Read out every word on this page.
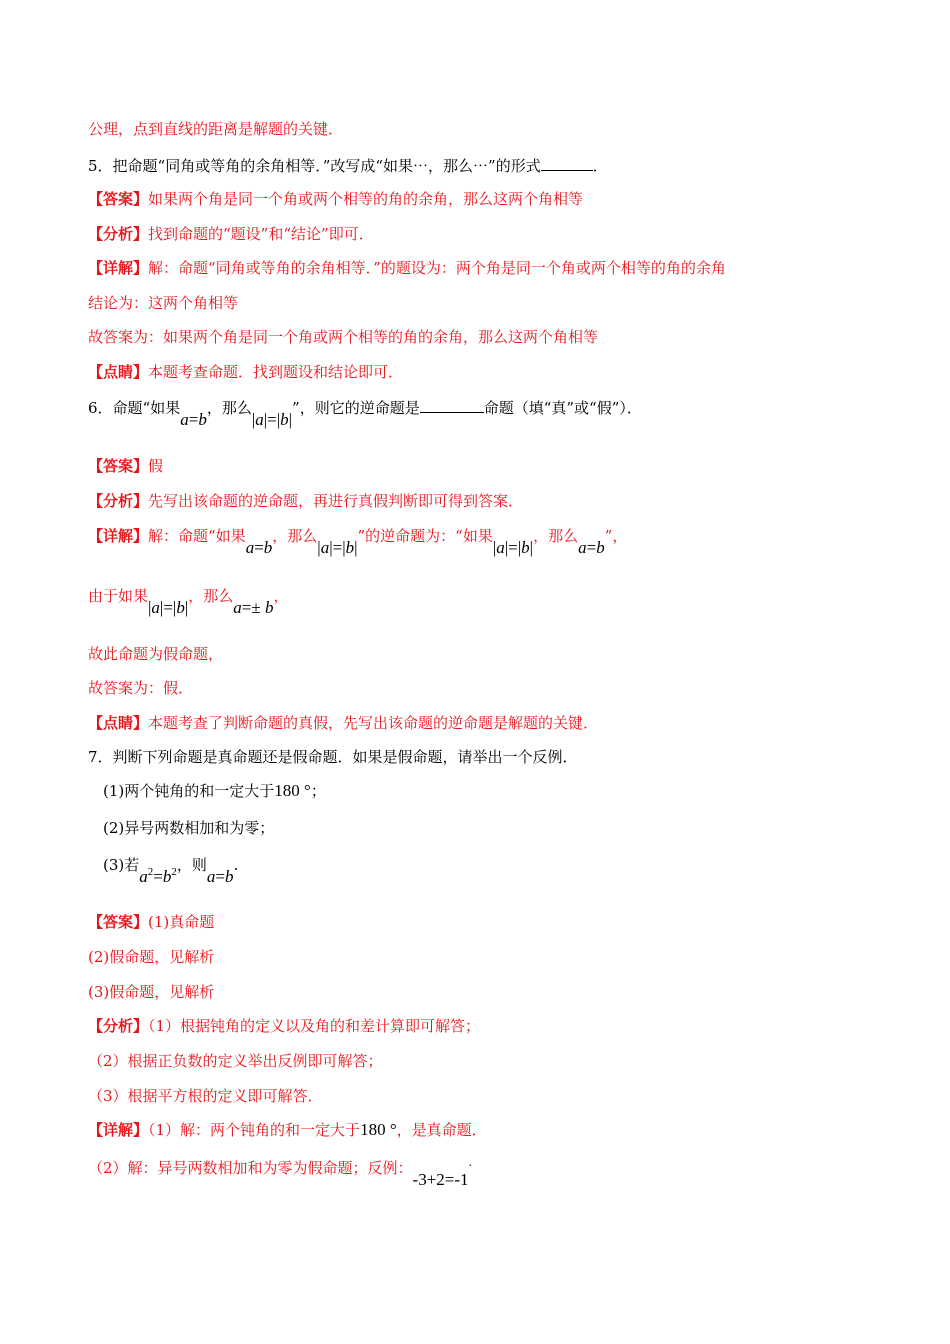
公理，点到直线的距离是解题的关键．
5．把命题“同角或等角的余角相等．”改写成“如果⋯，那么⋯”的形式	．
【答案】如果两个角是同一个角或两个相等的角的余角，那么这两个角相等
【分析】找到命题的“题设”和“结论”即可．
【详解】解：命题“同角或等角的余角相等．”的题设为：两个角是同一个角或两个相等的角的余角
结论为：这两个角相等
故答案为：如果两个角是同一个角或两个相等的角的余角，那么这两个角相等
【点睛】本题考查命题．找到题设和结论即可．
6．命题“如果a=b，那么|a|=|b|”，则它的逆命题是	命题（填“真”或“假”）．
【答案】假
【分析】先写出该命题的逆命题，再进行真假判断即可得到答案．
【详解】解：命题“如果a=b，那么|a|=|b|”的逆命题为：“如果|a|=|b|，那么a=b”，
由于如果|a|=|b|，那么a=± b，
故此命题为假命题，
故答案为：假．
【点睛】本题考查了判断命题的真假，先写出该命题的逆命题是解题的关键．
7．判断下列命题是真命题还是假命题．如果是假命题，请举出一个反例．
(1)两个钝角的和一定大于180 °；
(2)异号两数相加和为零；
(3)若$a^2=b^2$，则a=b.
【答案】(1)真命题
(2)假命题，见解析
(3)假命题，见解析
【分析】（1）根据钝角的定义以及角的和差计算即可解答；
（2）根据正负数的定义举出反例即可解答；
（3）根据平方根的定义即可解答．
【详解】（1）解：两个钝角的和一定大于180 °，是真命题．
（2）解：异号两数相加和为零为假命题；反例：-3+2=-1.
